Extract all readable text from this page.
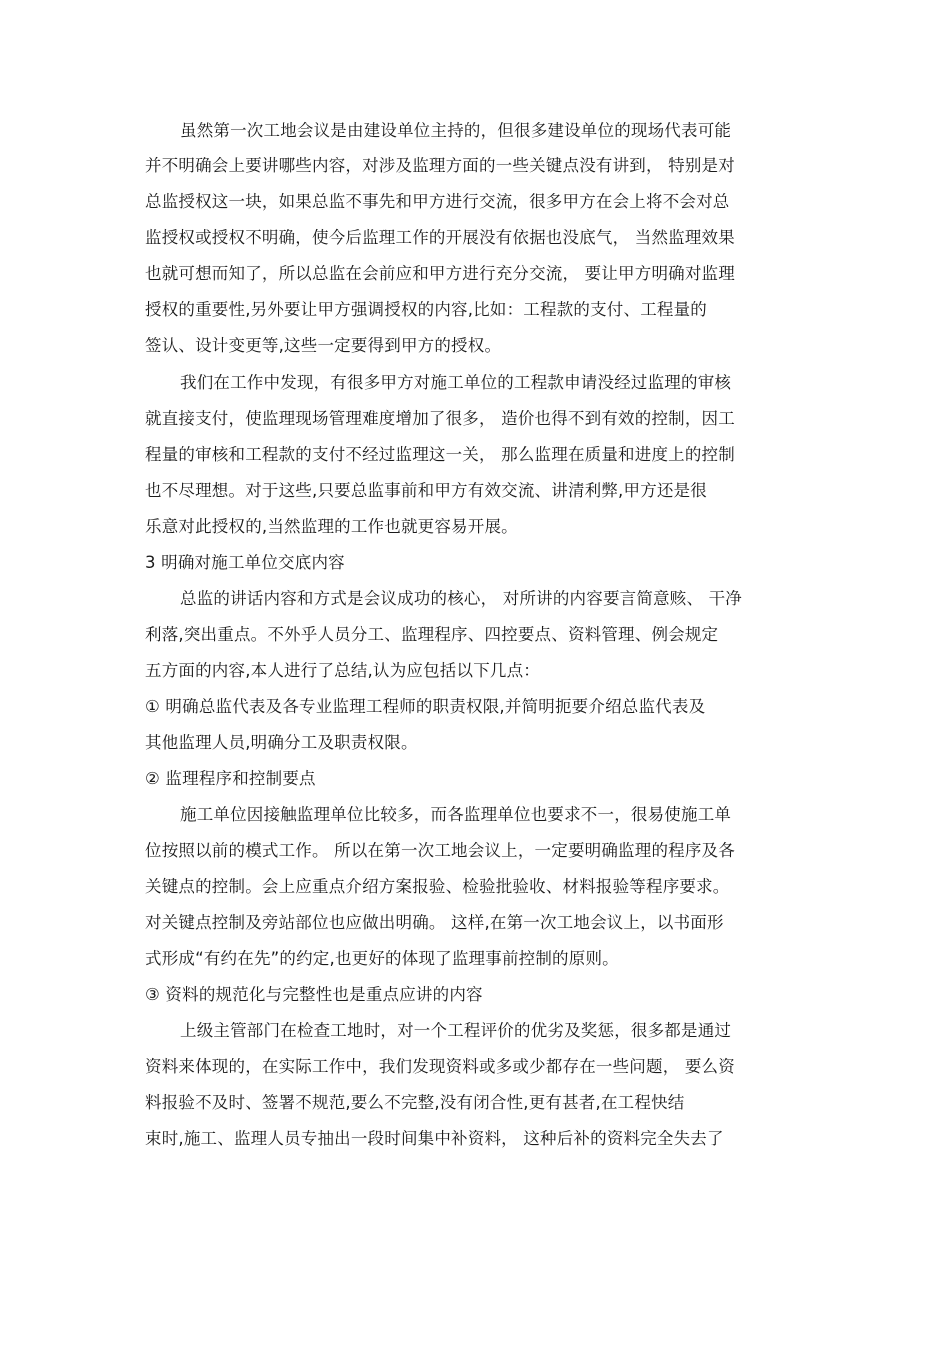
虽然第一次工地会议是由建设单位主持的，但很多建设单位的现场代表可能
并不明确会上要讲哪些内容，对涉及监理方面的一些关键点没有讲到， 特别是对
总监授权这一块，如果总监不事先和甲方进行交流，很多甲方在会上将不会对总
监授权或授权不明确，使今后监理工作的开展没有依据也没底气， 当然监理效果
也就可想而知了，所以总监在会前应和甲方进行充分交流， 要让甲方明确对监理
授权的重要性,另外要让甲方强调授权的内容,比如：工程款的支付、工程量的
签认、设计变更等,这些一定要得到甲方的授权。
我们在工作中发现，有很多甲方对施工单位的工程款申请没经过监理的审核
就直接支付，使监理现场管理难度增加了很多， 造价也得不到有效的控制，因工
程量的审核和工程款的支付不经过监理这一关， 那么监理在质量和进度上的控制
也不尽理想。对于这些,只要总监事前和甲方有效交流、讲清利弊,甲方还是很
乐意对此授权的,当然监理的工作也就更容易开展。
3 明确对施工单位交底内容
总监的讲话内容和方式是会议成功的核心， 对所讲的内容要言简意赅、 干净
利落,突出重点。不外乎人员分工、监理程序、四控要点、资料管理、例会规定
五方面的内容,本人进行了总结,认为应包括以下几点：
① 明确总监代表及各专业监理工程师的职责权限,并简明扼要介绍总监代表及
其他监理人员,明确分工及职责权限。
② 监理程序和控制要点
施工单位因接触监理单位比较多，而各监理单位也要求不一，很易使施工单
位按照以前的模式工作。 所以在第一次工地会议上，一定要明确监理的程序及各
关键点的控制。会上应重点介绍方案报验、检验批验收、材料报验等程序要求。
对关键点控制及旁站部位也应做出明确。 这样,在第一次工地会议上，以书面形
式形成“有约在先”的约定,也更好的体现了监理事前控制的原则。
③ 资料的规范化与完整性也是重点应讲的内容
上级主管部门在检查工地时，对一个工程评价的优劣及奖惩，很多都是通过
资料来体现的，在实际工作中，我们发现资料或多或少都存在一些问题， 要么资
料报验不及时、签署不规范,要么不完整,没有闭合性,更有甚者,在工程快结
束时,施工、监理人员专抽出一段时间集中补资料， 这种后补的资料完全失去了
